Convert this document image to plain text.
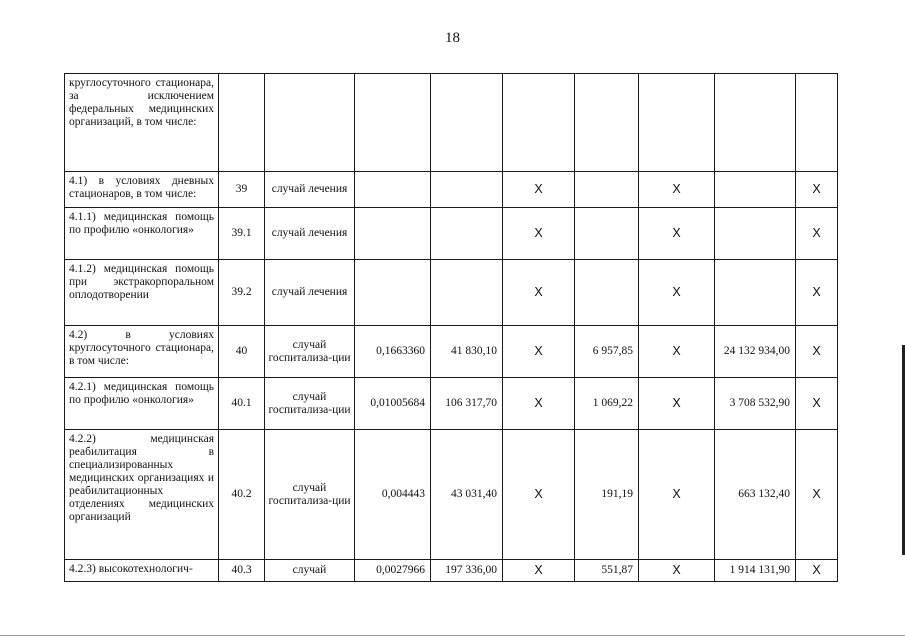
18
круглосуточного стационара, за исключением федеральных медицинских организаций, в том числе:									
4.1) в условиях дневных стационаров, в том числе:	39	случай лечения			X		X		X
4.1.1) медицинская помощь по профилю «онкология»	39.1	случай лечения			X		X		X
4.1.2) медицинская помощь при экстракорпоральном оплодотворении	39.2	случай лечения			X		X		X
4.2) в условиях круглосуточного стационара, в том числе:	40	случай госпитализа-ции	0,1663360	41 830,10	X	6 957,85	X	24 132 934,00	X
4.2.1) медицинская помощь по профилю «онкология»	40.1	случай госпитализа-ции	0,01005684	106 317,70	X	1 069,22	X	3 708 532,90	X
4.2.2) медицинская реабилитация в специализированных медицинских организациях и реабилитационных отделениях медицинских организаций	40.2	случай госпитализа-ции	0,004443	43 031,40	X	191,19	X	663 132,40	X
4.2.3) высокотехнологич-	40.3	случай	0,0027966	197 336,00	X	551,87	X	1 914 131,90	X
